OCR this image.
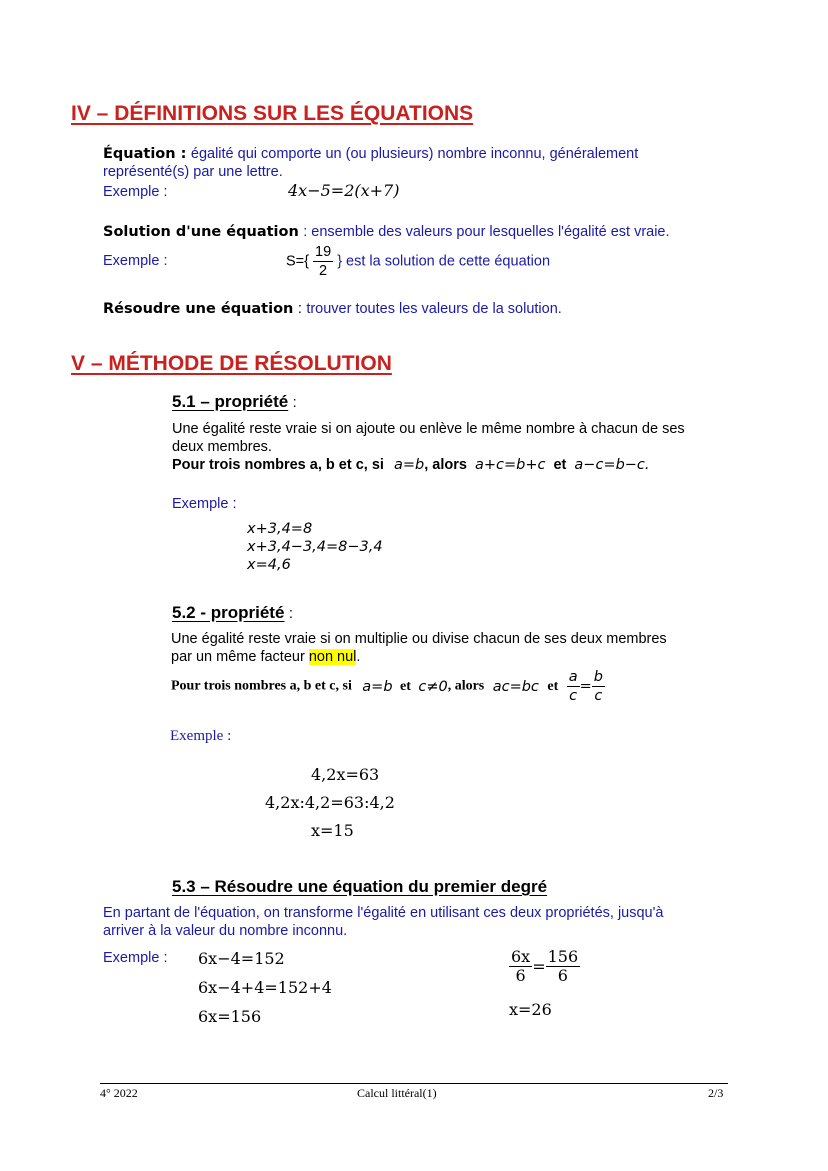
IV – DÉFINITIONS SUR LES ÉQUATIONS
Équation : égalité qui comporte un (ou plusieurs) nombre inconnu, généralement
représenté(s) par une lettre.
Exemple :	4x−5=2(x+7)
Solution d'une équation : ensemble des valeurs pour lesquelles l'égalité est vraie.
Exemple :	$S=\{ \frac{19}{2}$ } est la solution de cette équation
Résoudre une équation : trouver toutes les valeurs de la solution.
V – MÉTHODE DE RÉSOLUTION
5.1 – propriété :
Une égalité reste vraie si on ajoute ou enlève le même nombre à chacun de ses
deux membres.
Pour trois nombres a, b et c, si a=b, alors a+c=b+c et a−c=b−c.
Exemple :
x+3,4=8
x+3,4−3,4=8−3,4
x=4,6
5.2 - propriété :
Une égalité reste vraie si on multiplie ou divise chacun de ses deux membres
par un même facteur non nul.
Pour trois nombres a, b et c, si a=b et c≠0, alors ac=bc et $\frac{a}{c} = \frac{b}{c}$
Exemple :
4,2x=63
4,2x:4,2=63:4,2
x=15
5.3 – Résoudre une équation du premier degré
En partant de l'équation, on transforme l'égalité en utilisant ces deux propriétés, jusqu'à
arriver à la valeur du nombre inconnu.
Exemple : 6x−4=152
6x−4+4=152+4
6x=156
$\frac{6x}{6} = \frac{156}{6}$
x=26
4° 2022	Calcul littéral(1)	2/3
